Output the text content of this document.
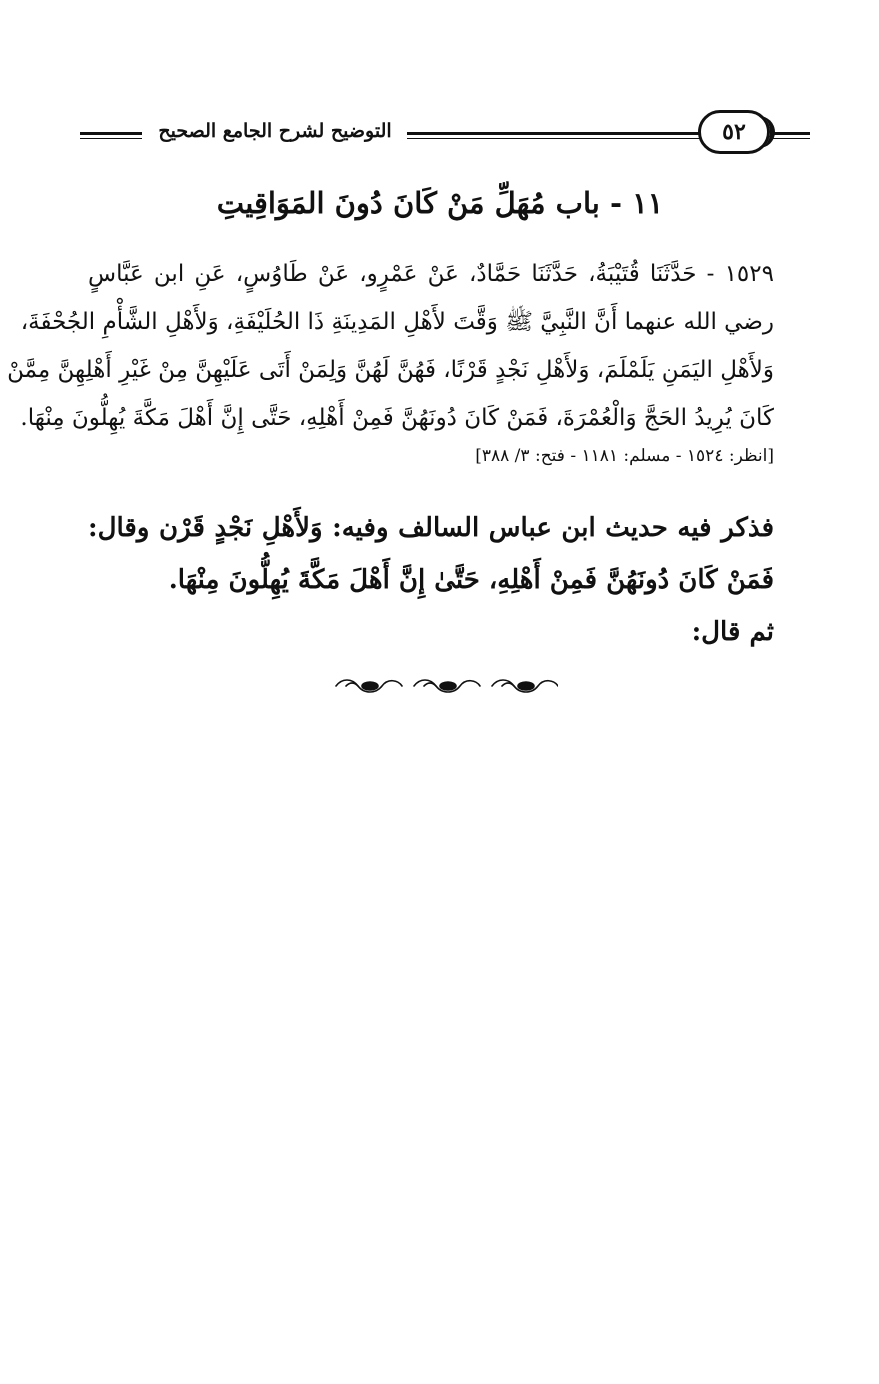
التوضيح لشرح الجامع الصحيح	٥٢
١١ - باب مُهَلِّ مَنْ كَانَ دُونَ المَوَاقِيتِ
١٥٢٩ - حَدَّثَنَا قُتَيْبَةُ، حَدَّثَنَا حَمَّادٌ، عَنْ عَمْرٍو، عَنْ طَاوُسٍ، عَنِ ابن عَبَّاسٍ
رضي الله عنهما أَنَّ النَّبِيَّ ﷺ وَقَّتَ لأَهْلِ المَدِينَةِ ذَا الحُلَيْفَةِ، وَلأَهْلِ الشَّأْمِ الجُحْفَةَ،
وَلأَهْلِ اليَمَنِ يَلَمْلَمَ، وَلأَهْلِ نَجْدٍ قَرْنًا، فَهُنَّ لَهُنَّ وَلِمَنْ أَتَى عَلَيْهِنَّ مِنْ غَيْرِ أَهْلِهِنَّ مِمَّنْ
كَانَ يُرِيدُ الحَجَّ وَالْعُمْرَةَ، فَمَنْ كَانَ دُونَهُنَّ فَمِنْ أَهْلِهِ، حَتَّى إِنَّ أَهْلَ مَكَّةَ يُهِلُّونَ مِنْهَا.
[انظر: ١٥٢٤ - مسلم: ١١٨١ - فتح: ٣/ ٣٨٨]
فذكر فيه حديث ابن عباس السالف وفيه: وَلأَهْلِ نَجْدٍ قَرْن وقال:
فَمَنْ كَانَ دُونَهُنَّ فَمِنْ أَهْلِهِ، حَتَّىٰ إِنَّ أَهْلَ مَكَّةَ يُهِلُّونَ مِنْهَا.
ثم قال:
